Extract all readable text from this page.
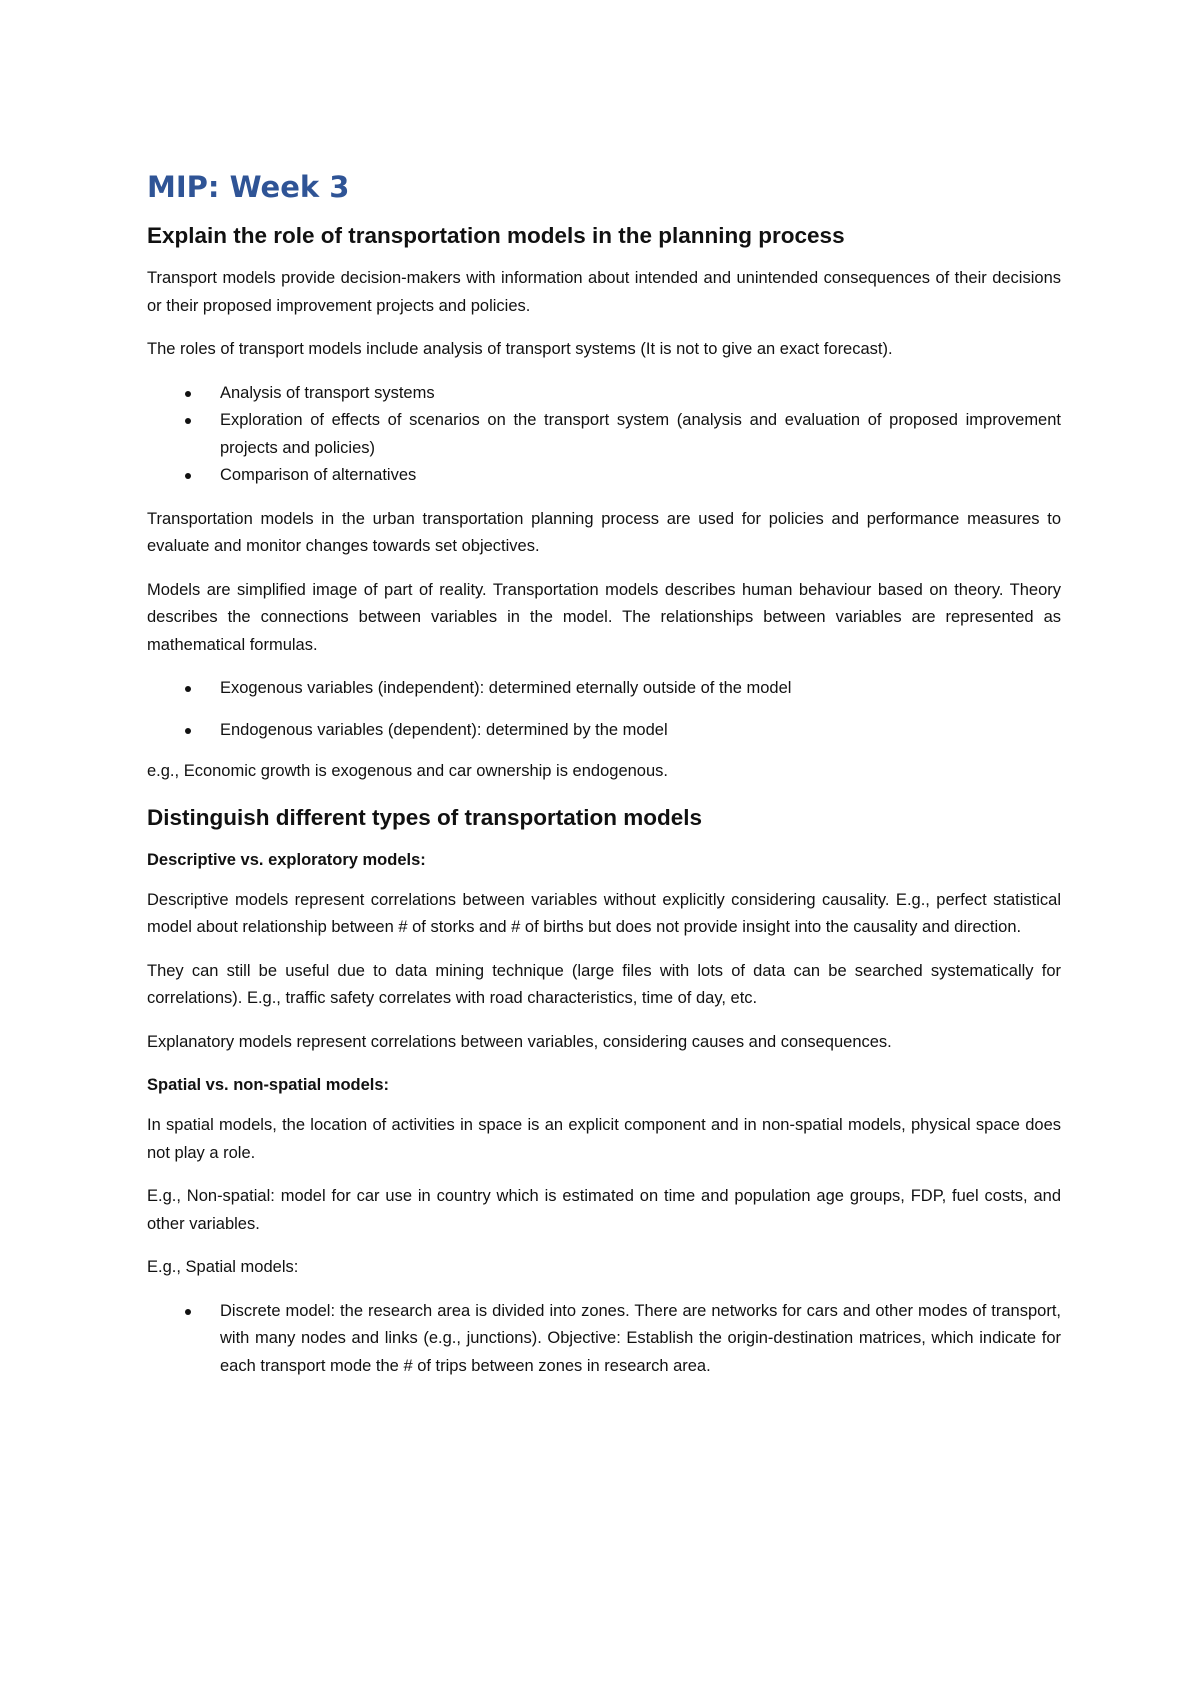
MIP: Week 3
Explain the role of transportation models in the planning process

Transport models provide decision-makers with information about intended and unintended consequences of their decisions or their proposed improvement projects and policies.

The roles of transport models include analysis of transport systems (It is not to give an exact forecast).

Analysis of transport systems
Exploration of effects of scenarios on the transport system (analysis and evaluation of proposed improvement projects and policies)
Comparison of alternatives

Transportation models in the urban transportation planning process are used for policies and performance measures to evaluate and monitor changes towards set objectives.

Models are simplified image of part of reality. Transportation models describes human behaviour based on theory. Theory describes the connections between variables in the model. The relationships between variables are represented as mathematical formulas.

Exogenous variables (independent): determined eternally outside of the model
Endogenous variables (dependent): determined by the model

e.g., Economic growth is exogenous and car ownership is endogenous.

Distinguish different types of transportation models
Descriptive vs. exploratory models:

Descriptive models represent correlations between variables without explicitly considering causality. E.g., perfect statistical model about relationship between # of storks and # of births but does not provide insight into the causality and direction.

They can still be useful due to data mining technique (large files with lots of data can be searched systematically for correlations). E.g., traffic safety correlates with road characteristics, time of day, etc.

Explanatory models represent correlations between variables, considering causes and consequences.

Spatial vs. non-spatial models:

In spatial models, the location of activities in space is an explicit component and in non-spatial models, physical space does not play a role.

E.g., Non-spatial: model for car use in country which is estimated on time and population age groups, FDP, fuel costs, and other variables.

E.g., Spatial models:

Discrete model: the research area is divided into zones. There are networks for cars and other modes of transport, with many nodes and links (e.g., junctions). Objective: Establish the origin-destination matrices, which indicate for each transport mode the # of trips between zones in research area.
